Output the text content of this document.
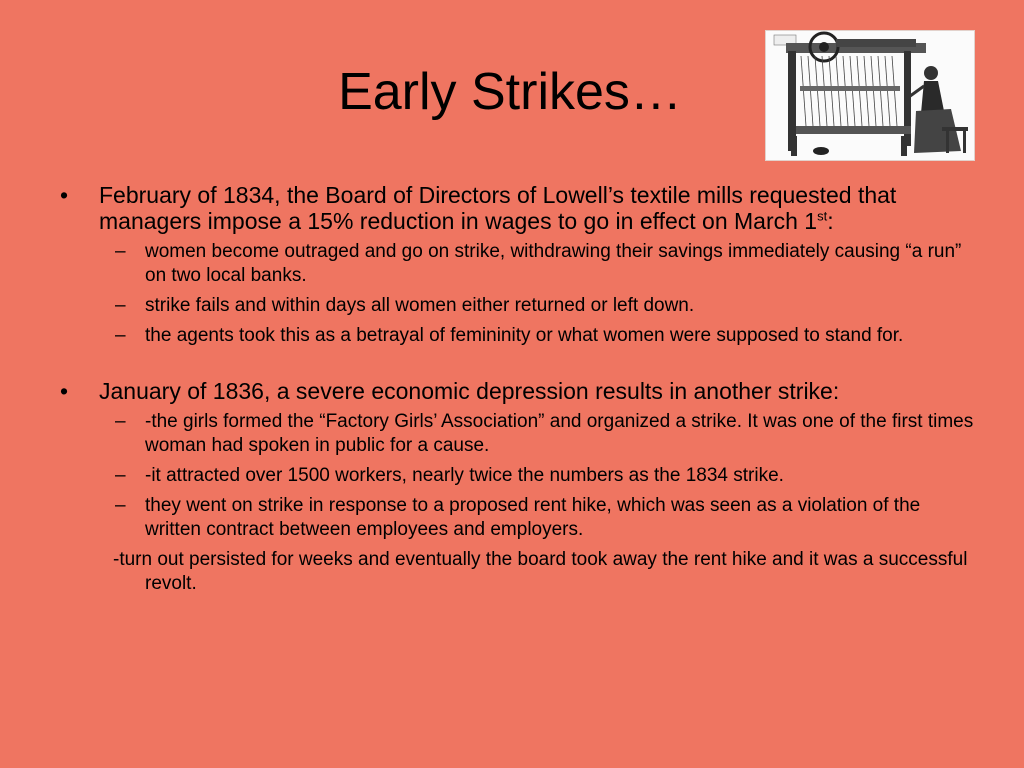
Early Strikes…
• February of 1834, the Board of Directors of Lowell’s textile mills requested that managers impose a 15% reduction in wages to go in effect on March 1st:
– women become outraged and go on strike, withdrawing their savings immediately causing “a run” on two local banks.
– strike fails and within days all women either returned or left down.
– the agents took this as a betrayal of femininity or what women were supposed to stand for.
• January of 1836, a severe economic depression results in another strike:
– -the girls formed the “Factory Girls’ Association” and organized a strike. It was one of the first times woman had spoken in public for a cause.
– -it attracted over 1500 workers, nearly twice the numbers as the 1834 strike.
– they went on strike in response to a proposed rent hike, which was seen as a violation of the written contract between employees and employers.
-turn out persisted for weeks and eventually the board took away the rent hike and it was a successful revolt.
